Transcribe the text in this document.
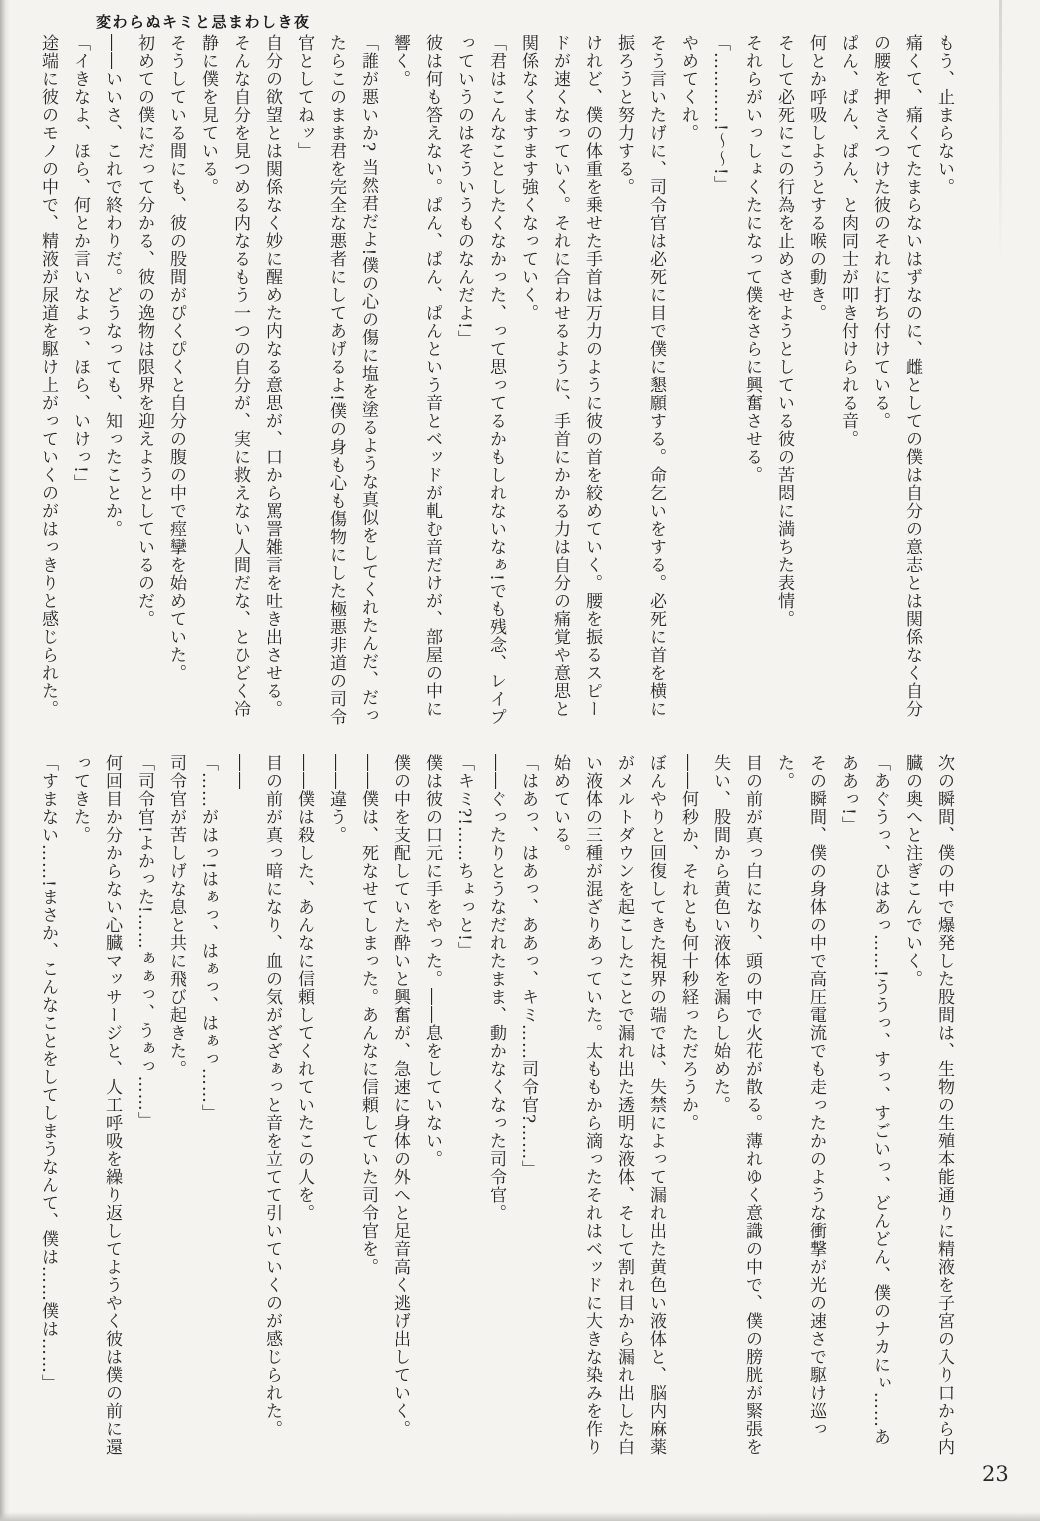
変わらぬキミと忌まわしき夜

もう、止まらない。

痛くて、痛くてたまらないはずなのに、雌としての僕は自分の意志とは関係なく自分の腰を押さえつけた彼のそれに打ち付けている。

ぱん、ぱん、ぱん、と肉同士が叩き付けられる音。

何とか呼吸しようとする喉の動き。

そして必死にこの行為を止めさせようとしている彼の苦悶に満ちた表情。

それらがいっしょくたになって僕をさらに興奮させる。

「…………!〜〜!」

やめてくれ。

そう言いたげに、司令官は必死に目で僕に懇願する。命乞いをする。必死に首を横に振ろうと努力する。

けれど、僕の体重を乗せた手首は万力のように彼の首を絞めていく。腰を振るスピードが速くなっていく。それに合わせるように、手首にかかる力は自分の痛覚や意思と関係なくますます強くなっていく。

「君はこんなことしたくなかった、って思ってるかもしれないなぁ!でも残念、レイプっていうのはそういうものなんだよ!」

彼は何も答えない。ぱん、ぱん、ぱんという音とベッドが軋む音だけが、部屋の中に響く。

「誰が悪いか? 当然君だよ!僕の心の傷に塩を塗るような真似をしてくれたんだ、だったらこのまま君を完全な悪者にしてあげるよ!僕の身も心も傷物にした極悪非道の司令官としてねッ」

自分の欲望とは関係なく妙に醒めた内なる意思が、口から罵詈雑言を吐き出させる。

そんな自分を見つめる内なるもう一つの自分が、実に救えない人間だな、とひどく冷静に僕を見ている。

そうしている間にも、彼の股間がぴくぴくと自分の腹の中で痙攣を始めていた。

初めての僕にだって分かる、彼の逸物は限界を迎えようとしているのだ。

――いいさ、これで終わりだ。どうなっても、知ったことか。

「イきなよ、ほら、何とか言いなよっ、ほら、いけっ!」

途端に彼のモノの中で、精液が尿道を駆け上がっていくのがはっきりと感じられた。

次の瞬間、僕の中で爆発した股間は、生物の生殖本能通りに精液を子宮の入り口から内臓の奥へと注ぎこんでいく。

「あぐうっ、ひはあっ……!ううっ、すっ、すごいっ、どんどん、僕のナカにぃ……あああっ!」

その瞬間、僕の身体の中で高圧電流でも走ったかのような衝撃が光の速さで駆け巡った。

目の前が真っ白になり、頭の中で火花が散る。薄れゆく意識の中で、僕の膀胱が緊張を失い、股間から黄色い液体を漏らし始めた。

――何秒か、それとも何十秒経っただろうか。

ぼんやりと回復してきた視界の端では、失禁によって漏れ出た黄色い液体と、脳内麻薬がメルトダウンを起こしたことで漏れ出た透明な液体、そして割れ目から漏れ出した白い液体の三種が混ざりあっていた。太ももから滴ったそれはベッドに大きな染みを作り始めている。

「はあっ、はあっ、ああっ、キミ……司令官?……」

――ぐったりとうなだれたまま、動かなくなった司令官。

「キミ?!……ちょっと!」

僕は彼の口元に手をやった。――息をしていない。

僕の中を支配していた酔いと興奮が、急速に身体の外へと足音高く逃げ出していく。

――僕は、死なせてしまった。あんなに信頼していた司令官を。

――違う。

――僕は殺した、あんなに信頼してくれていたこの人を。

目の前が真っ暗になり、血の気がざざぁっと音を立てて引いていくのが感じられた。

――

「……がはっ!はぁっ、はぁっ、はぁっ……」

司令官が苦しげな息と共に飛び起きた。

「司令官!よかった!……ぁぁっ、うぁっ……」

何回目か分からない心臓マッサージと、人工呼吸を繰り返してようやく彼は僕の前に還ってきた。

「すまない……!まさか、こんなことをしてしまうなんて、僕は……僕は……」

23
